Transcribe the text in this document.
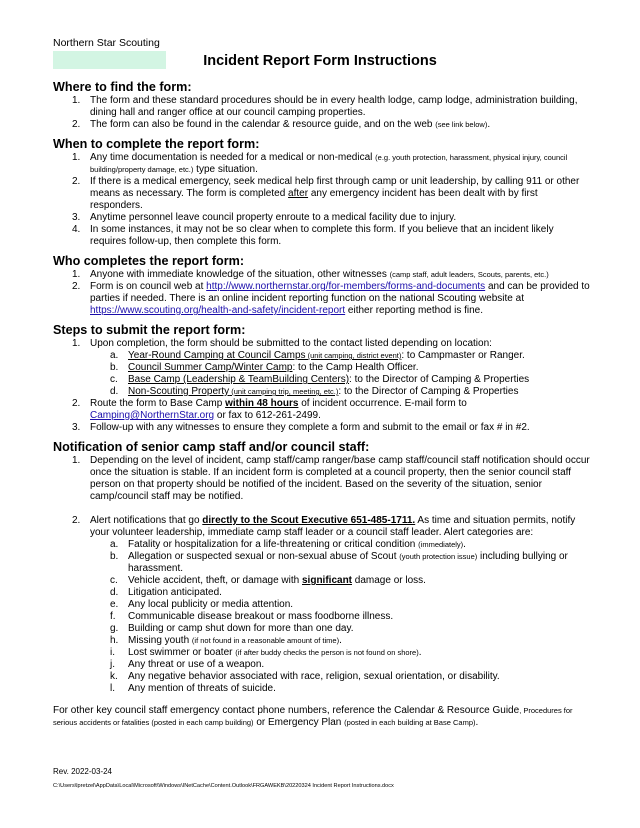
Northern Star Scouting
Incident Report Form Instructions
Where to find the form:
1. The form and these standard procedures should be in every health lodge, camp lodge, administration building, dining hall and ranger office at our council camping properties.
2. The form can also be found in the calendar & resource guide, and on the web (see link below).
When to complete the report form:
1. Any time documentation is needed for a medical or non-medical (e.g. youth protection, harassment, physical injury, council building/property damage, etc.) type situation.
2. If there is a medical emergency, seek medical help first through camp or unit leadership, by calling 911 or other means as necessary. The form is completed after any emergency incident has been dealt with by first responders.
3. Anytime personnel leave council property enroute to a medical facility due to injury.
4. In some instances, it may not be so clear when to complete this form. If you believe that an incident likely requires follow-up, then complete this form.
Who completes the report form:
1. Anyone with immediate knowledge of the situation, other witnesses (camp staff, adult leaders, Scouts, parents, etc.)
2. Form is on council web at http://www.northernstar.org/for-members/forms-and-documents and can be provided to parties if needed. There is an online incident reporting function on the national Scouting website at https://www.scouting.org/health-and-safety/incident-report either reporting method is fine.
Steps to submit the report form:
1. Upon completion, the form should be submitted to the contact listed depending on location:
a. Year-Round Camping at Council Camps (unit camping, district event): to Campmaster or Ranger.
b. Council Summer Camp/Winter Camp: to the Camp Health Officer.
c. Base Camp (Leadership & TeamBuilding Centers): to the Director of Camping & Properties
d. Non-Scouting Property (unit camping trip, meeting, etc.): to the Director of Camping & Properties
2. Route the form to Base Camp within 48 hours of incident occurrence. E-mail form to Camping@NorthernStar.org or fax to 612-261-2499.
3. Follow-up with any witnesses to ensure they complete a form and submit to the email or fax # in #2.
Notification of senior camp staff and/or council staff:
1. Depending on the level of incident, camp staff/camp ranger/base camp staff/council staff notification should occur once the situation is stable. If an incident form is completed at a council property, then the senior council staff person on that property should be notified of the incident. Based on the severity of the situation, senior camp/council staff may be notified.
2. Alert notifications that go directly to the Scout Executive 651-485-1711. As time and situation permits, notify your volunteer leadership, immediate camp staff leader or a council staff leader. Alert categories are:
a. Fatality or hospitalization for a life-threatening or critical condition (immediately).
b. Allegation or suspected sexual or non-sexual abuse of Scout (youth protection issue) including bullying or harassment.
c. Vehicle accident, theft, or damage with significant damage or loss.
d. Litigation anticipated.
e. Any local publicity or media attention.
f. Communicable disease breakout or mass foodborne illness.
g. Building or camp shut down for more than one day.
h. Missing youth (if not found in a reasonable amount of time).
i. Lost swimmer or boater (if after buddy checks the person is not found on shore).
j. Any threat or use of a weapon.
k. Any negative behavior associated with race, religion, sexual orientation, or disability.
l. Any mention of threats of suicide.

For other key council staff emergency contact phone numbers, reference the Calendar & Resource Guide, Procedures for serious accidents or fatalities (posted in each camp building) or Emergency Plan (posted in each building at Base Camp).

Rev. 2022-03-24
C:\Users\lpretzel\AppData\Local\Microsoft\Windows\INetCache\Content.Outlook\FRGAWEKB\20220324 Incident Report Instructions.docx
